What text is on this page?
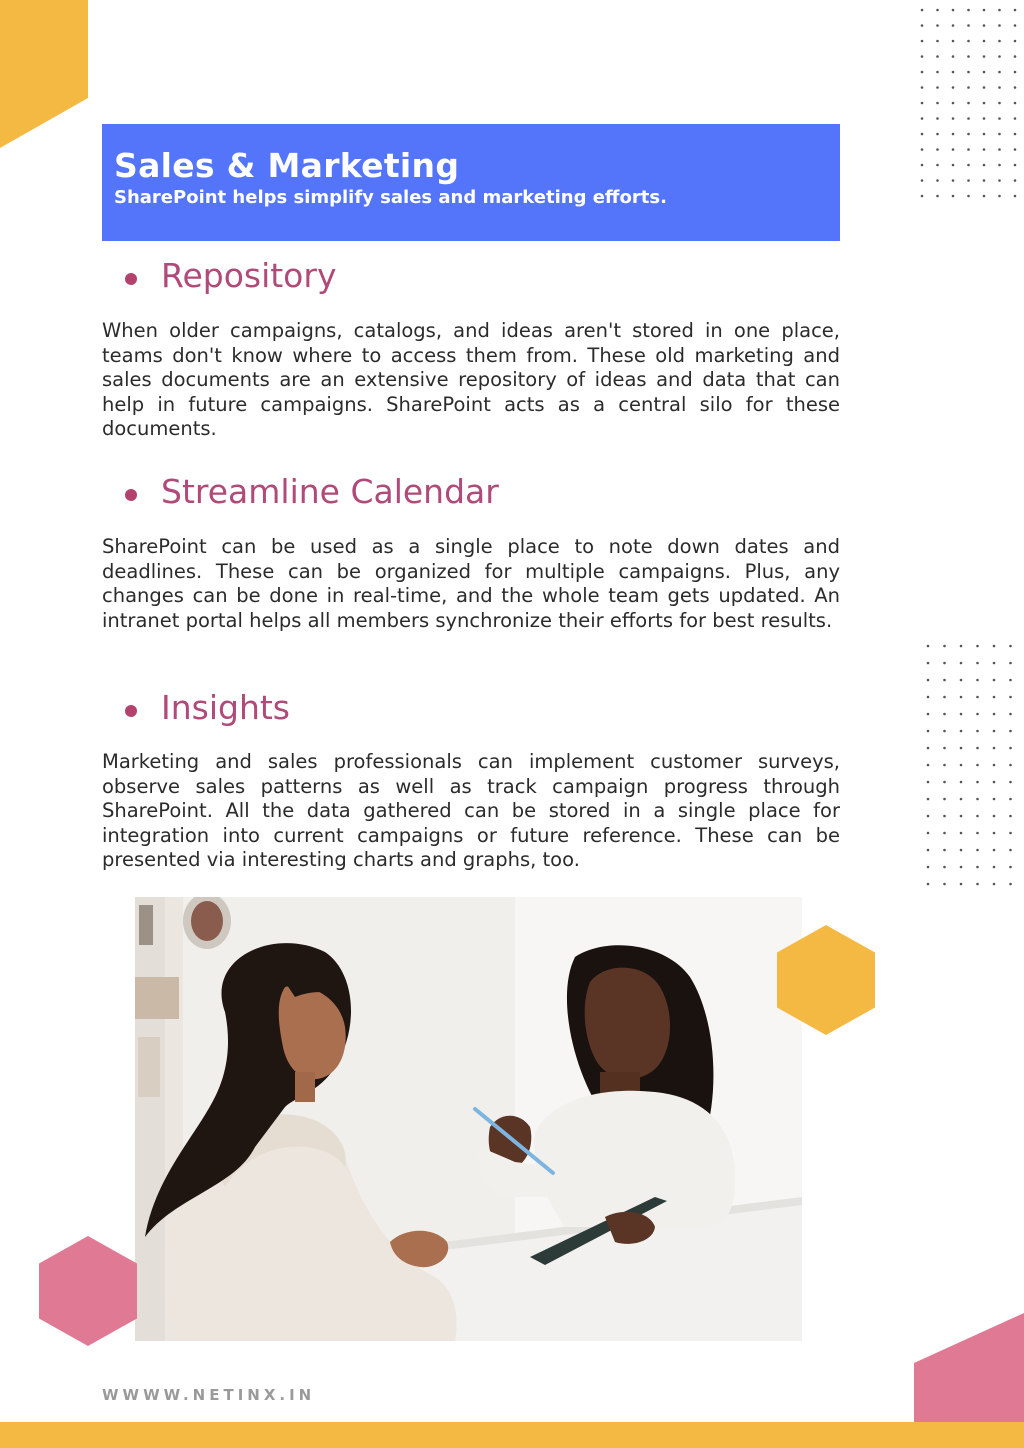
Sales & Marketing
SharePoint helps simplify sales and marketing efforts.
Repository

When older campaigns, catalogs, and ideas aren't stored in one place, teams don't know where to access them from. These old marketing and sales documents are an extensive repository of ideas and data that can help in future campaigns. SharePoint acts as a central silo for these documents.

Streamline Calendar

SharePoint can be used as a single place to note down dates and deadlines. These can be organized for multiple campaigns. Plus, any changes can be done in real-time, and the whole team gets updated. An intranet portal helps all members synchronize their efforts for best results.

Insights

Marketing and sales professionals can implement customer surveys, observe sales patterns as well as track campaign progress through SharePoint. All the data gathered can be stored in a single place for integration into current campaigns or future reference. These can be presented via interesting charts and graphs, too.

WWWW.NETINX.IN
